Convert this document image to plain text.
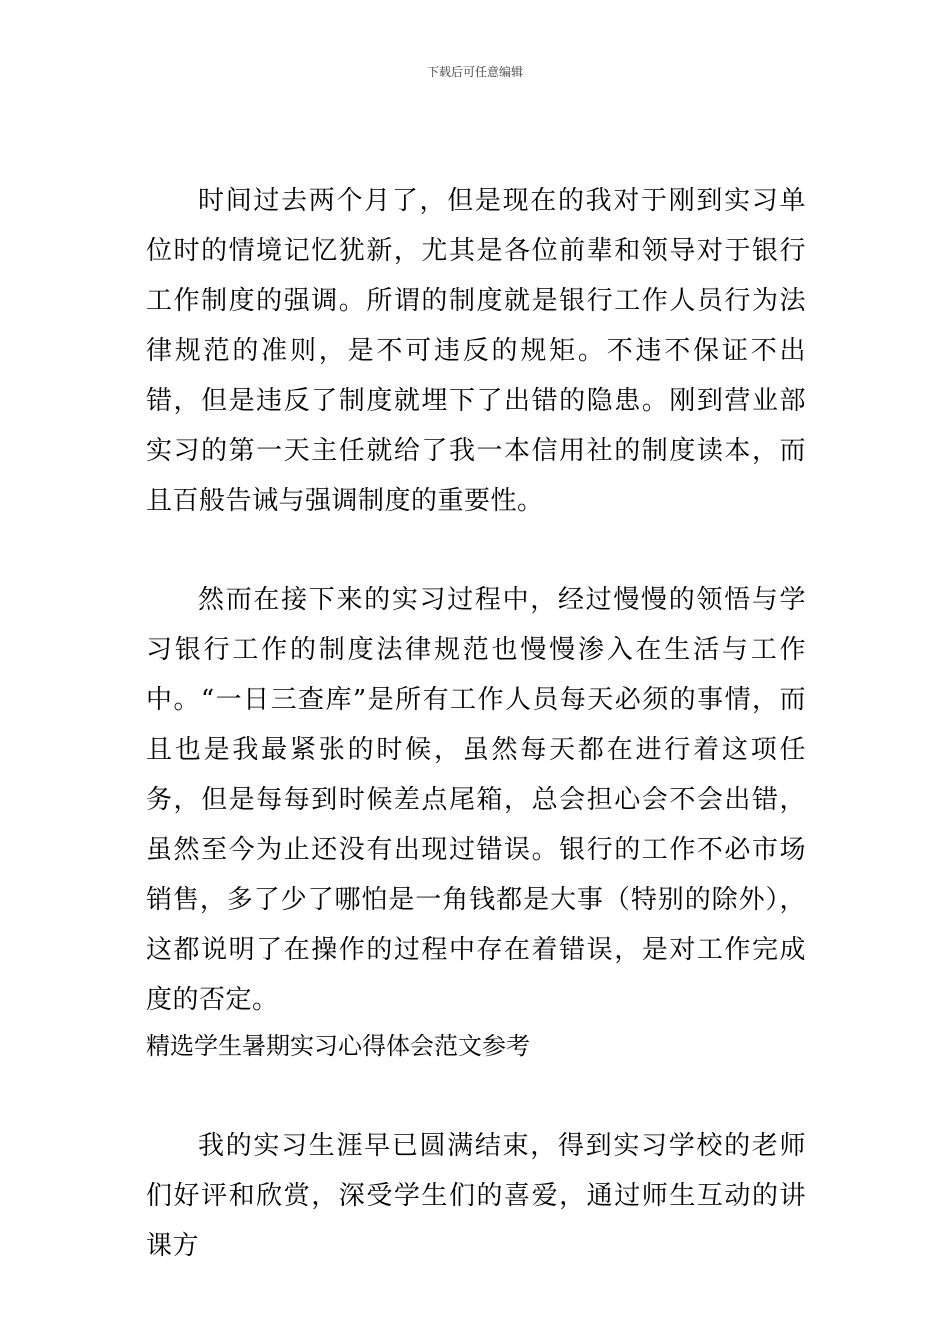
下载后可任意编辑

时间过去两个月了，但是现在的我对于刚到实习单位时的情境记忆犹新，尤其是各位前辈和领导对于银行工作制度的强调。所谓的制度就是银行工作人员行为法律规范的准则，是不可违反的规矩。不违不保证不出错，但是违反了制度就埋下了出错的隐患。刚到营业部实习的第一天主任就给了我一本信用社的制度读本，而且百般告诫与强调制度的重要性。

然而在接下来的实习过程中，经过慢慢的领悟与学习银行工作的制度法律规范也慢慢渗入在生活与工作中。“一日三查库”是所有工作人员每天必须的事情，而且也是我最紧张的时候，虽然每天都在进行着这项任务，但是每每到时候差点尾箱，总会担心会不会出错，虽然至今为止还没有出现过错误。银行的工作不必市场销售，多了少了哪怕是一角钱都是大事（特别的除外），这都说明了在操作的过程中存在着错误，是对工作完成度的否定。

精选学生暑期实习心得体会范文参考

我的实习生涯早已圆满结束，得到实习学校的老师们好评和欣赏，深受学生们的喜爱，通过师生互动的讲课方
